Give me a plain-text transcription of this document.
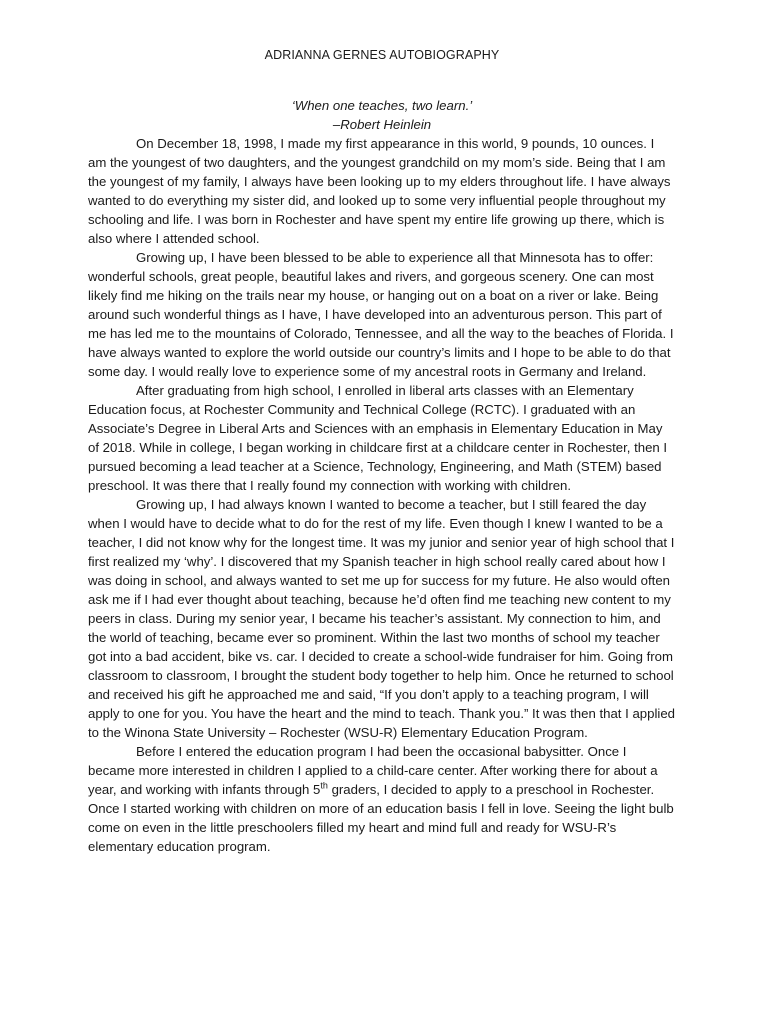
ADRIANNA GERNES AUTOBIOGRAPHY
‘When one teaches, two learn.’
–Robert Heinlein

On December 18, 1998, I made my first appearance in this world, 9 pounds, 10 ounces. I am the youngest of two daughters, and the youngest grandchild on my mom’s side. Being that I am the youngest of my family, I always have been looking up to my elders throughout life. I have always wanted to do everything my sister did, and looked up to some very influential people throughout my schooling and life. I was born in Rochester and have spent my entire life growing up there, which is also where I attended school.

Growing up, I have been blessed to be able to experience all that Minnesota has to offer: wonderful schools, great people, beautiful lakes and rivers, and gorgeous scenery. One can most likely find me hiking on the trails near my house, or hanging out on a boat on a river or lake. Being around such wonderful things as I have, I have developed into an adventurous person. This part of me has led me to the mountains of Colorado, Tennessee, and all the way to the beaches of Florida. I have always wanted to explore the world outside our country’s limits and I hope to be able to do that some day. I would really love to experience some of my ancestral roots in Germany and Ireland.

After graduating from high school, I enrolled in liberal arts classes with an Elementary Education focus, at Rochester Community and Technical College (RCTC). I graduated with an Associate’s Degree in Liberal Arts and Sciences with an emphasis in Elementary Education in May of 2018. While in college, I began working in childcare first at a childcare center in Rochester, then I pursued becoming a lead teacher at a Science, Technology, Engineering, and Math (STEM) based preschool. It was there that I really found my connection with working with children.

Growing up, I had always known I wanted to become a teacher, but I still feared the day when I would have to decide what to do for the rest of my life. Even though I knew I wanted to be a teacher, I did not know why for the longest time. It was my junior and senior year of high school that I first realized my ‘why’. I discovered that my Spanish teacher in high school really cared about how I was doing in school, and always wanted to set me up for success for my future. He also would often ask me if I had ever thought about teaching, because he’d often find me teaching new content to my peers in class. During my senior year, I became his teacher’s assistant. My connection to him, and the world of teaching, became ever so prominent. Within the last two months of school my teacher got into a bad accident, bike vs. car. I decided to create a school-wide fundraiser for him. Going from classroom to classroom, I brought the student body together to help him. Once he returned to school and received his gift he approached me and said, “If you don’t apply to a teaching program, I will apply to one for you. You have the heart and the mind to teach. Thank you.” It was then that I applied to the Winona State University – Rochester (WSU-R) Elementary Education Program.

Before I entered the education program I had been the occasional babysitter. Once I became more interested in children I applied to a child-care center. After working there for about a year, and working with infants through 5th graders, I decided to apply to a preschool in Rochester. Once I started working with children on more of an education basis I fell in love. Seeing the light bulb come on even in the little preschoolers filled my heart and mind full and ready for WSU-R’s elementary education program.
